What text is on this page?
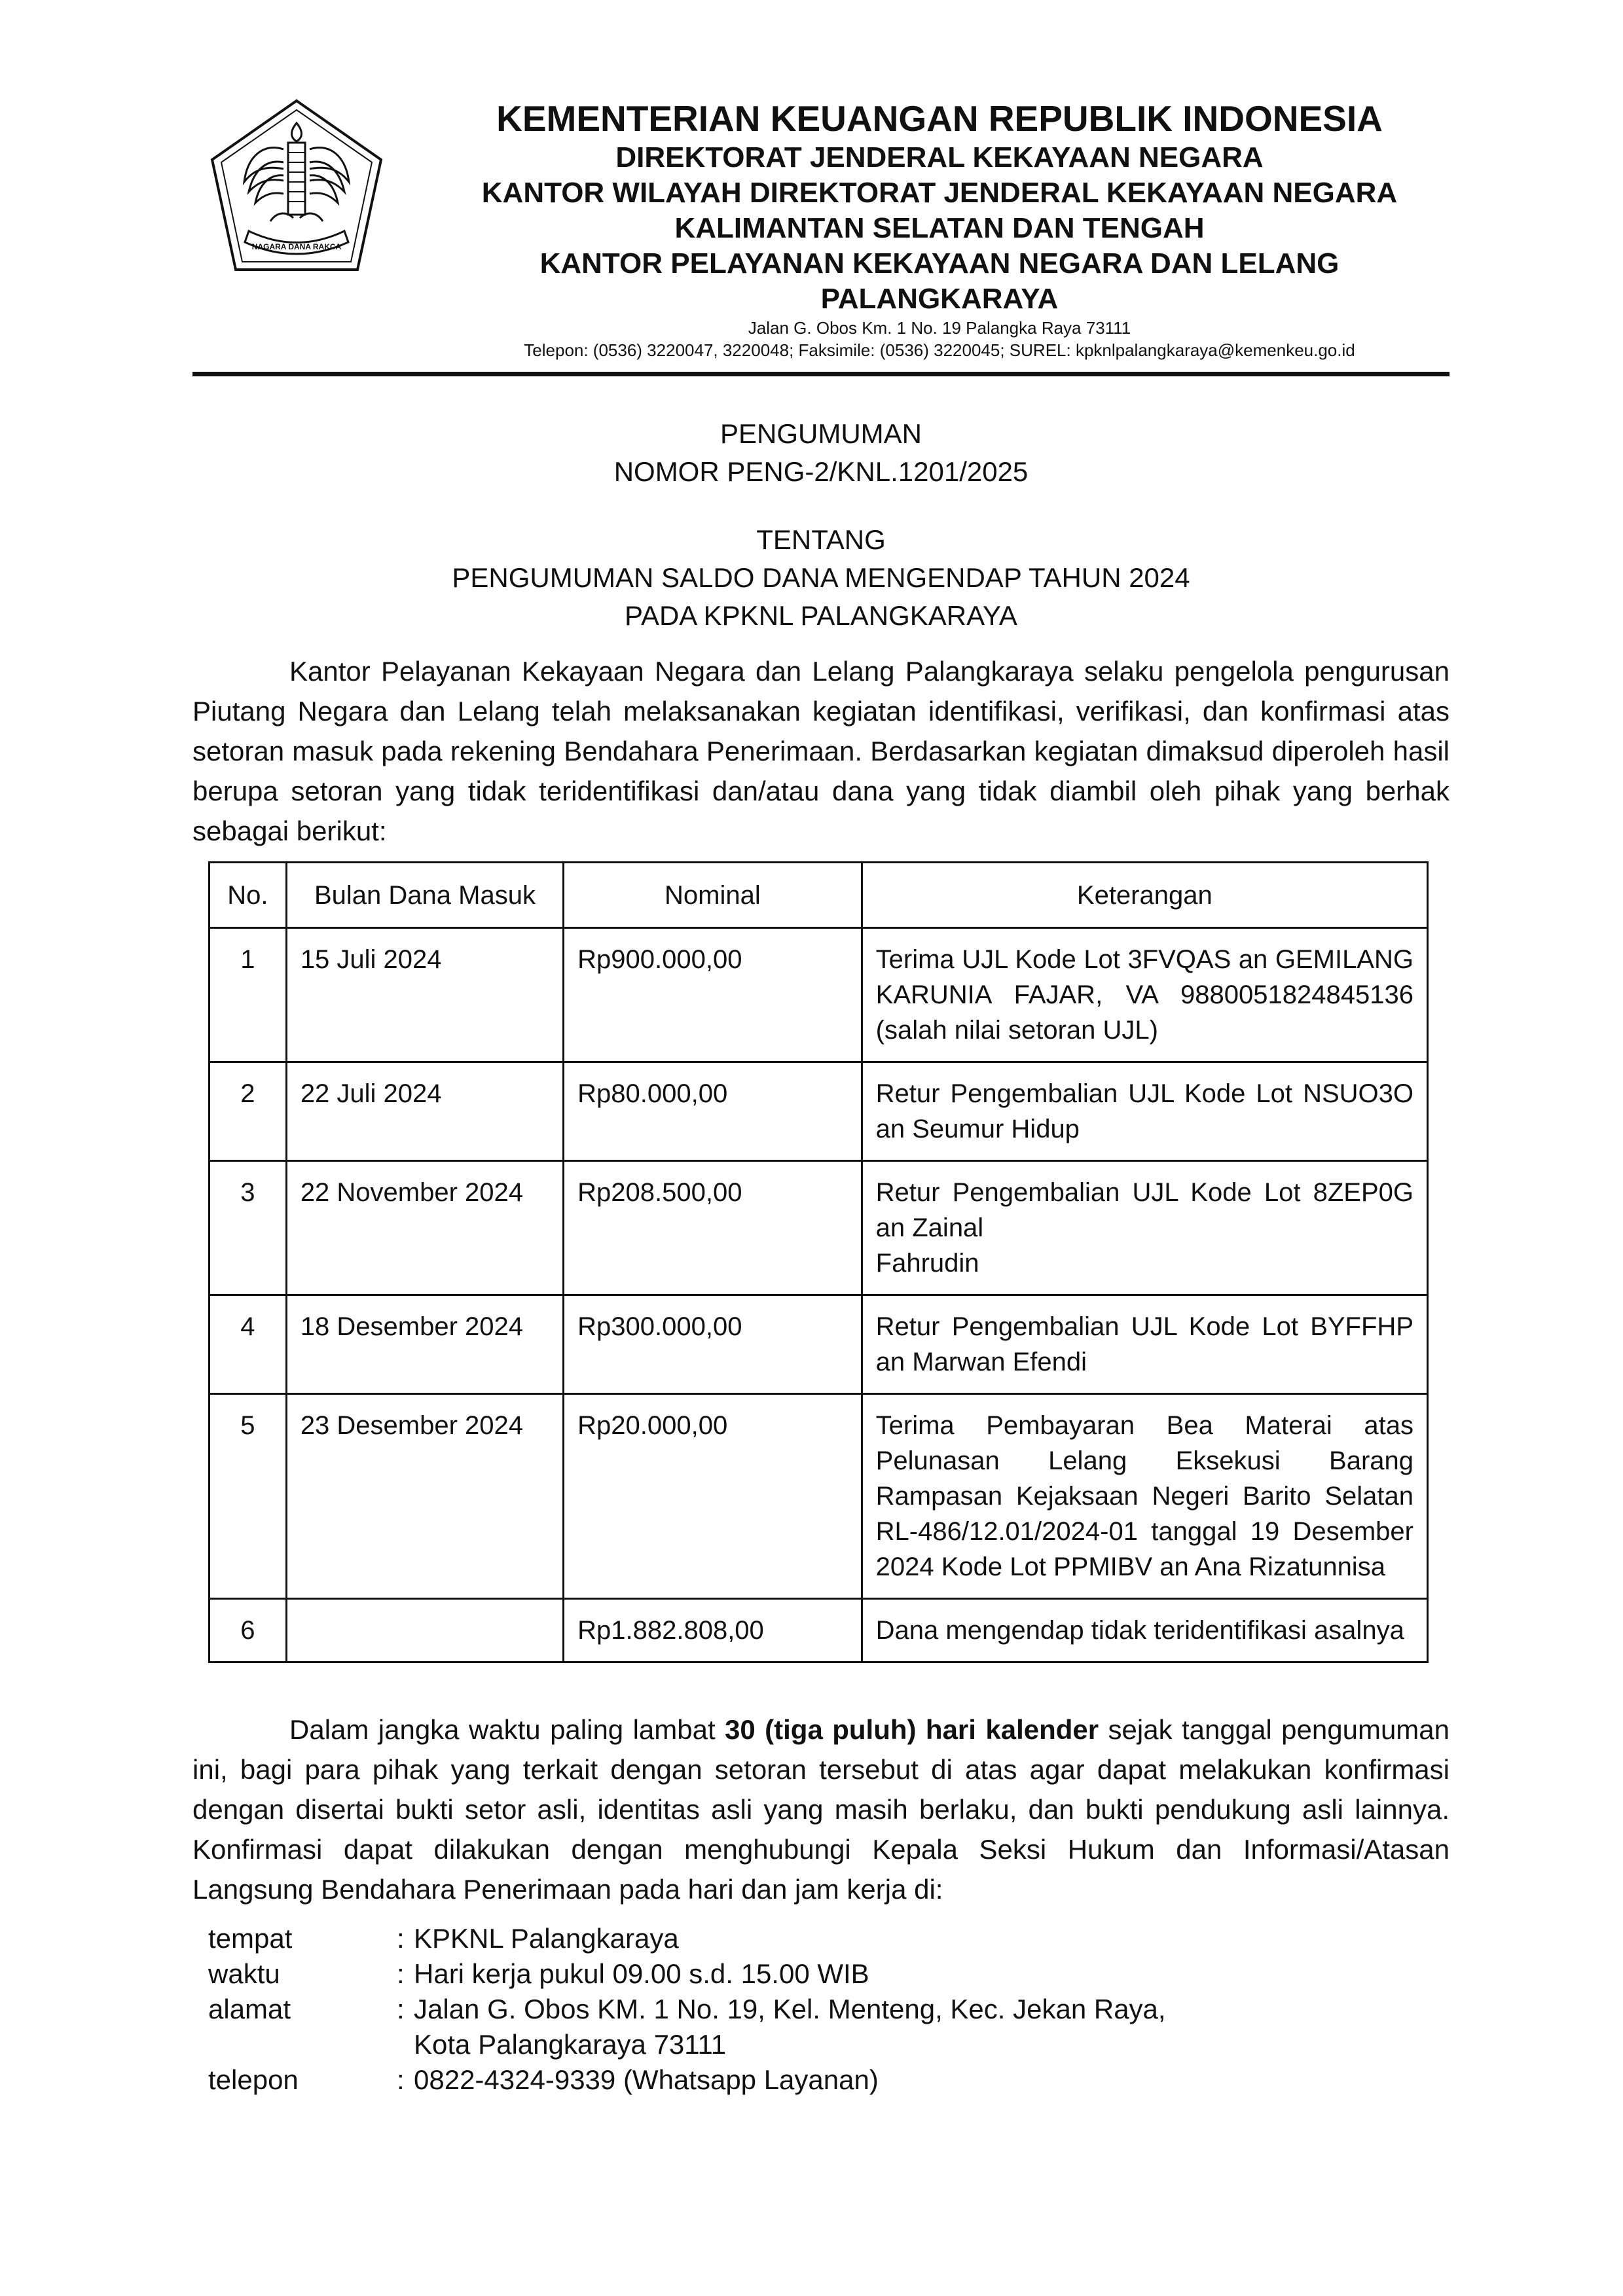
NAGARA DANA RAKCA
KEMENTERIAN KEUANGAN REPUBLIK INDONESIA
DIREKTORAT JENDERAL KEKAYAAN NEGARA
KANTOR WILAYAH DIREKTORAT JENDERAL KEKAYAAN NEGARA
KALIMANTAN SELATAN DAN TENGAH
KANTOR PELAYANAN KEKAYAAN NEGARA DAN LELANG
PALANGKARAYA
Jalan G. Obos Km. 1 No. 19 Palangka Raya 73111
Telepon: (0536) 3220047, 3220048; Faksimile: (0536) 3220045; SUREL: kpknlpalangkaraya@kemenkeu.go.id
PENGUMUMAN
NOMOR PENG-2/KNL.1201/2025
TENTANG
PENGUMUMAN SALDO DANA MENGENDAP TAHUN 2024
PADA KPKNL PALANGKARAYA
Kantor Pelayanan Kekayaan Negara dan Lelang Palangkaraya selaku pengelola pengurusan Piutang Negara dan Lelang telah melaksanakan kegiatan identifikasi, verifikasi, dan konfirmasi atas setoran masuk pada rekening Bendahara Penerimaan. Berdasarkan kegiatan dimaksud diperoleh hasil berupa setoran yang tidak teridentifikasi dan/atau dana yang tidak diambil oleh pihak yang berhak sebagai berikut:
No.	Bulan Dana Masuk	Nominal	Keterangan
1	15 Juli 2024	Rp900.000,00	Terima UJL Kode Lot 3FVQAS an GEMILANG KARUNIA FAJAR, VA 9880051824845136 (salah nilai setoran UJL)
2	22 Juli 2024	Rp80.000,00	Retur Pengembalian UJL Kode Lot NSUO3O an Seumur Hidup
3	22 November 2024	Rp208.500,00	Retur Pengembalian UJL Kode Lot 8ZEP0G an Zainal
Fahrudin

4	18 Desember 2024	Rp300.000,00	Retur Pengembalian UJL Kode Lot BYFFHP an Marwan Efendi
5	23 Desember 2024	Rp20.000,00	Terima Pembayaran Bea Materai atas Pelunasan Lelang Eksekusi Barang Rampasan Kejaksaan Negeri Barito Selatan RL-486/12.01/2024-01 tanggal 19 Desember 2024 Kode Lot PPMIBV an Ana Rizatunnisa
6		Rp1.882.808,00	Dana mengendap tidak teridentifikasi asalnya
Dalam jangka waktu paling lambat 30 (tiga puluh) hari kalender sejak tanggal pengumuman ini, bagi para pihak yang terkait dengan setoran tersebut di atas agar dapat melakukan konfirmasi dengan disertai bukti setor asli, identitas asli yang masih berlaku, dan bukti pendukung asli lainnya. Konfirmasi dapat dilakukan dengan menghubungi Kepala Seksi Hukum dan Informasi/Atasan Langsung Bendahara Penerimaan pada hari dan jam kerja di:
tempat	: KPKNL Palangkaraya
waktu	: Hari kerja pukul 09.00 s.d. 15.00 WIB
alamat	: Jalan G. Obos KM. 1 No. 19, Kel. Menteng, Kec. Jekan Raya,
Kota Palangkaraya 73111
telepon	: 0822-4324-9339 (Whatsapp Layanan)
